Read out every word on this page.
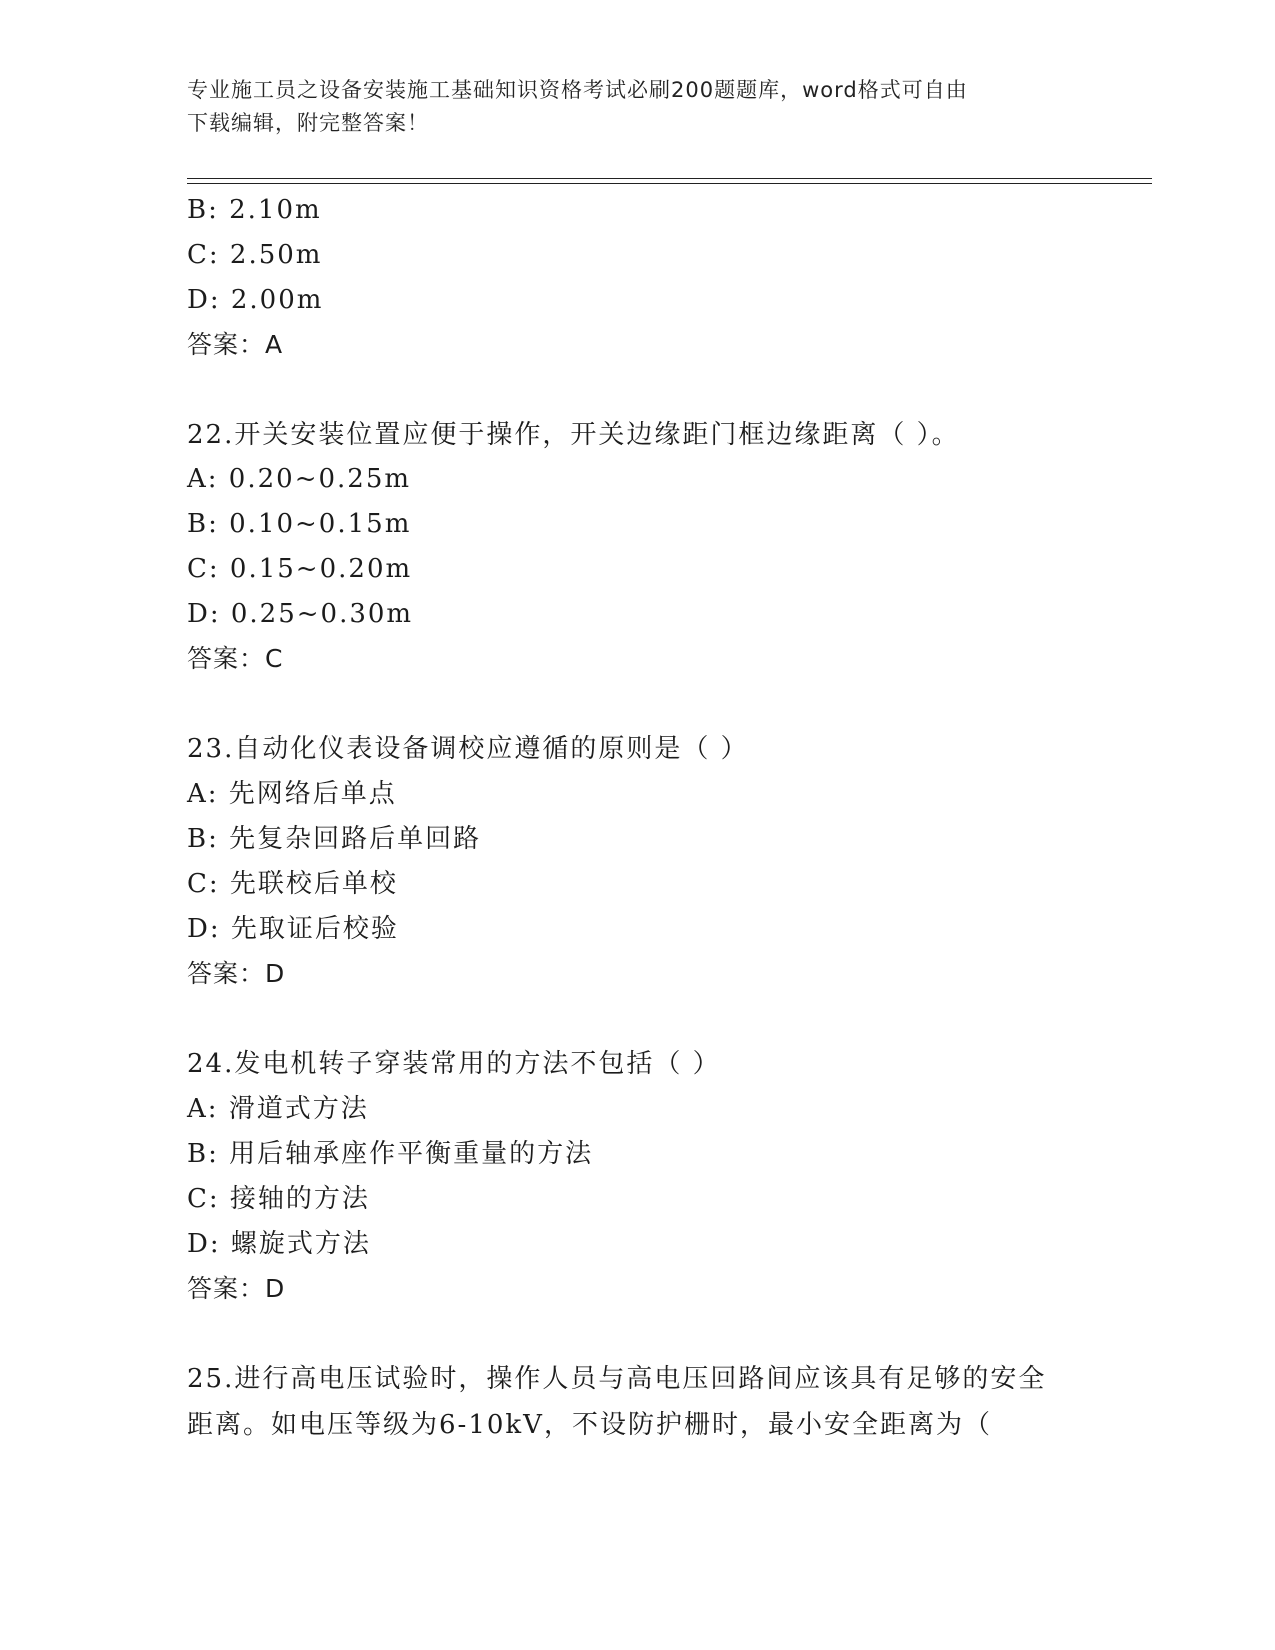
专业施工员之设备安装施工基础知识资格考试必刷200题题库，word格式可自由
下载编辑，附完整答案！
B: 2.10m
C: 2.50m
D: 2.00m
答案：A
22.开关安装位置应便于操作，开关边缘距门框边缘距离（ ）。
A: 0.20~0.25m
B: 0.10~0.15m
C: 0.15~0.20m
D: 0.25~0.30m
答案：C
23.自动化仪表设备调校应遵循的原则是（ ）
A: 先网络后单点
B: 先复杂回路后单回路
C: 先联校后单校
D: 先取证后校验
答案：D
24.发电机转子穿装常用的方法不包括（ ）
A: 滑道式方法
B: 用后轴承座作平衡重量的方法
C: 接轴的方法
D: 螺旋式方法
答案：D
25.进行高电压试验时，操作人员与高电压回路间应该具有足够的安全
距离。如电压等级为6-10kV，不设防护栅时，最小安全距离为（
